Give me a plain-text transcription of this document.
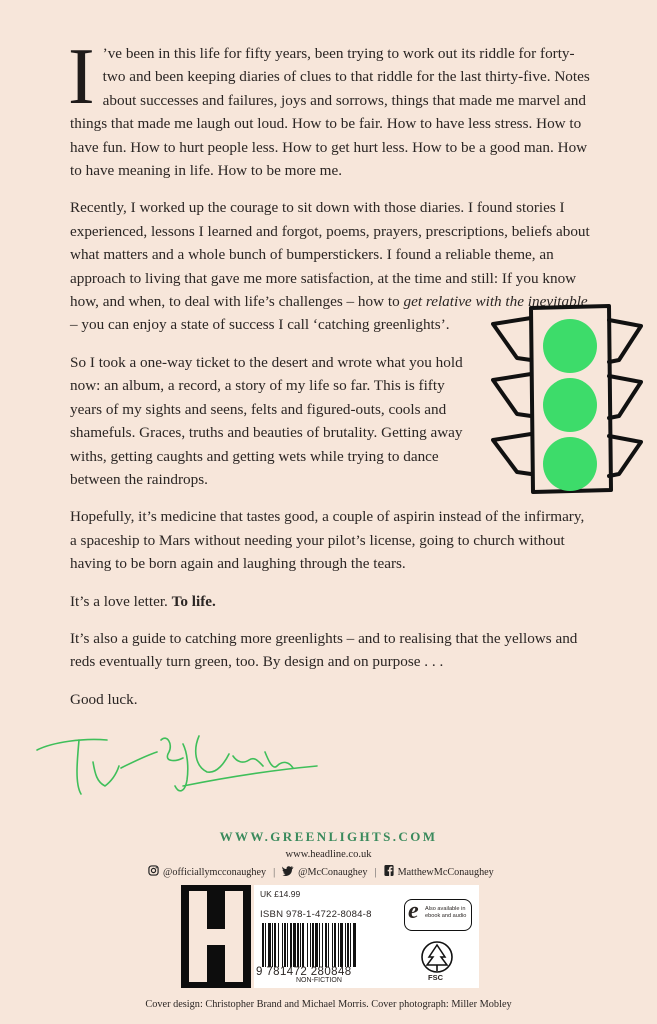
I ’ve been in this life for fifty years, been trying to work out its riddle for forty-two and been keeping diaries of clues to that riddle for the last thirty-five. Notes about successes and failures, joys and sorrows, things that made me marvel and things that made me laugh out loud. How to be fair. How to have less stress. How to have fun. How to hurt people less. How to get hurt less. How to be a good man. How to have meaning in life. How to be more me.

Recently, I worked up the courage to sit down with those diaries. I found stories I experienced, lessons I learned and forgot, poems, prayers, prescriptions, beliefs about what matters and a whole bunch of bumperstickers. I found a reliable theme, an approach to living that gave me more satisfaction, at the time and still: If you know how, and when, to deal with life’s challenges – how to get relative with the inevitable – you can enjoy a state of success I call ‘catching greenlights’.

So I took a one-way ticket to the desert and wrote what you hold now: an album, a record, a story of my life so far. This is fifty years of my sights and seens, felts and figured-outs, cools and shamefuls. Graces, truths and beauties of brutality. Getting away withs, getting caughts and getting wets while trying to dance between the raindrops.

Hopefully, it’s medicine that tastes good, a couple of aspirin instead of the infirmary, a spaceship to Mars without needing your pilot’s license, going to church without having to be born again and laughing through the tears.

It’s a love letter. To life.

It’s also a guide to catching more greenlights – and to realising that the yellows and reds eventually turn green, too. By design and on purpose . . .

Good luck.

WWW.GREENLIGHTS.COM
www.headline.co.uk
@officiallymcconaughey | @McConaughey | MatthewMcConaughey
UK £14.99
ISBN 978-1-4722-8084-8
9 781472 280848
NON-FICTION
e Also available in ebook and audio
FSC
Cover design: Christopher Brand and Michael Morris. Cover photograph: Miller Mobley
